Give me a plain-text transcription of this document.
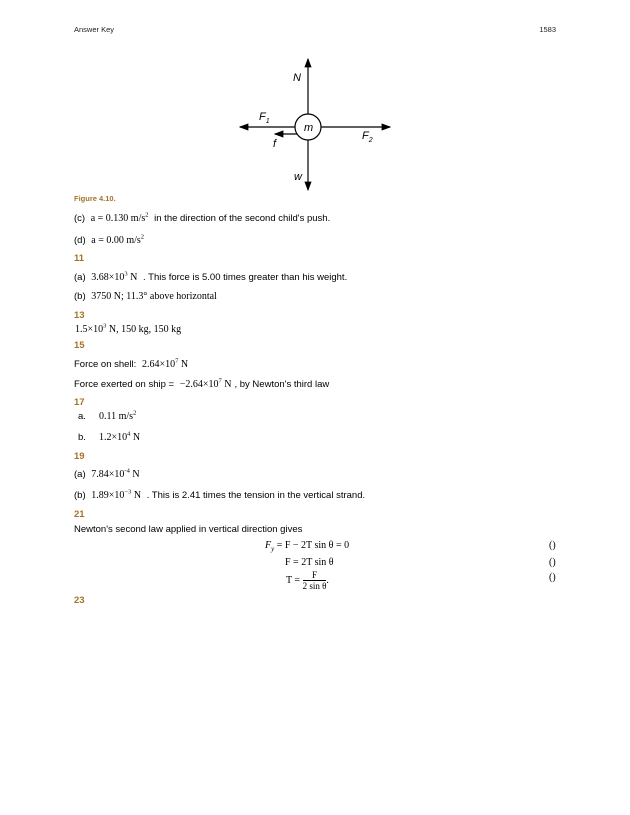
Answer Key	1583
m
N
$F_1$
$F_2$
f
w
Figure 4.10.
(c) a = 0.130 $m/s^2$ in the direction of the second child's push.
(d) a = 0.00 $m/s^2$
11
(a) $3.68\times 10^3$ N . This force is 5.00 times greater than his weight.
(b) 3750 N; 11.3° above horizontal
13
$1.5\times 10^3$ N, 150 kg, 150 kg
15
Force on shell: $2.64\times 10^7$ N
Force exerted on ship = $-2.64\times 10^7$ N , by Newton's third law
17
a. 0.11 $m/s^2$
b. $1.2\times 10^4$ N
19
(a) $7.84\times 10^{-4}$ N
(b) $1.89\times 10^{-3}$ N . This is 2.41 times the tension in the vertical strand.
21
Newton's second law applied in vertical direction gives
$F_y = F - 2T$ sin θ = 0	()
F = 2T sin θ	()
$T = \frac{F}{\text{2 sin θ}}$ .	()
23
